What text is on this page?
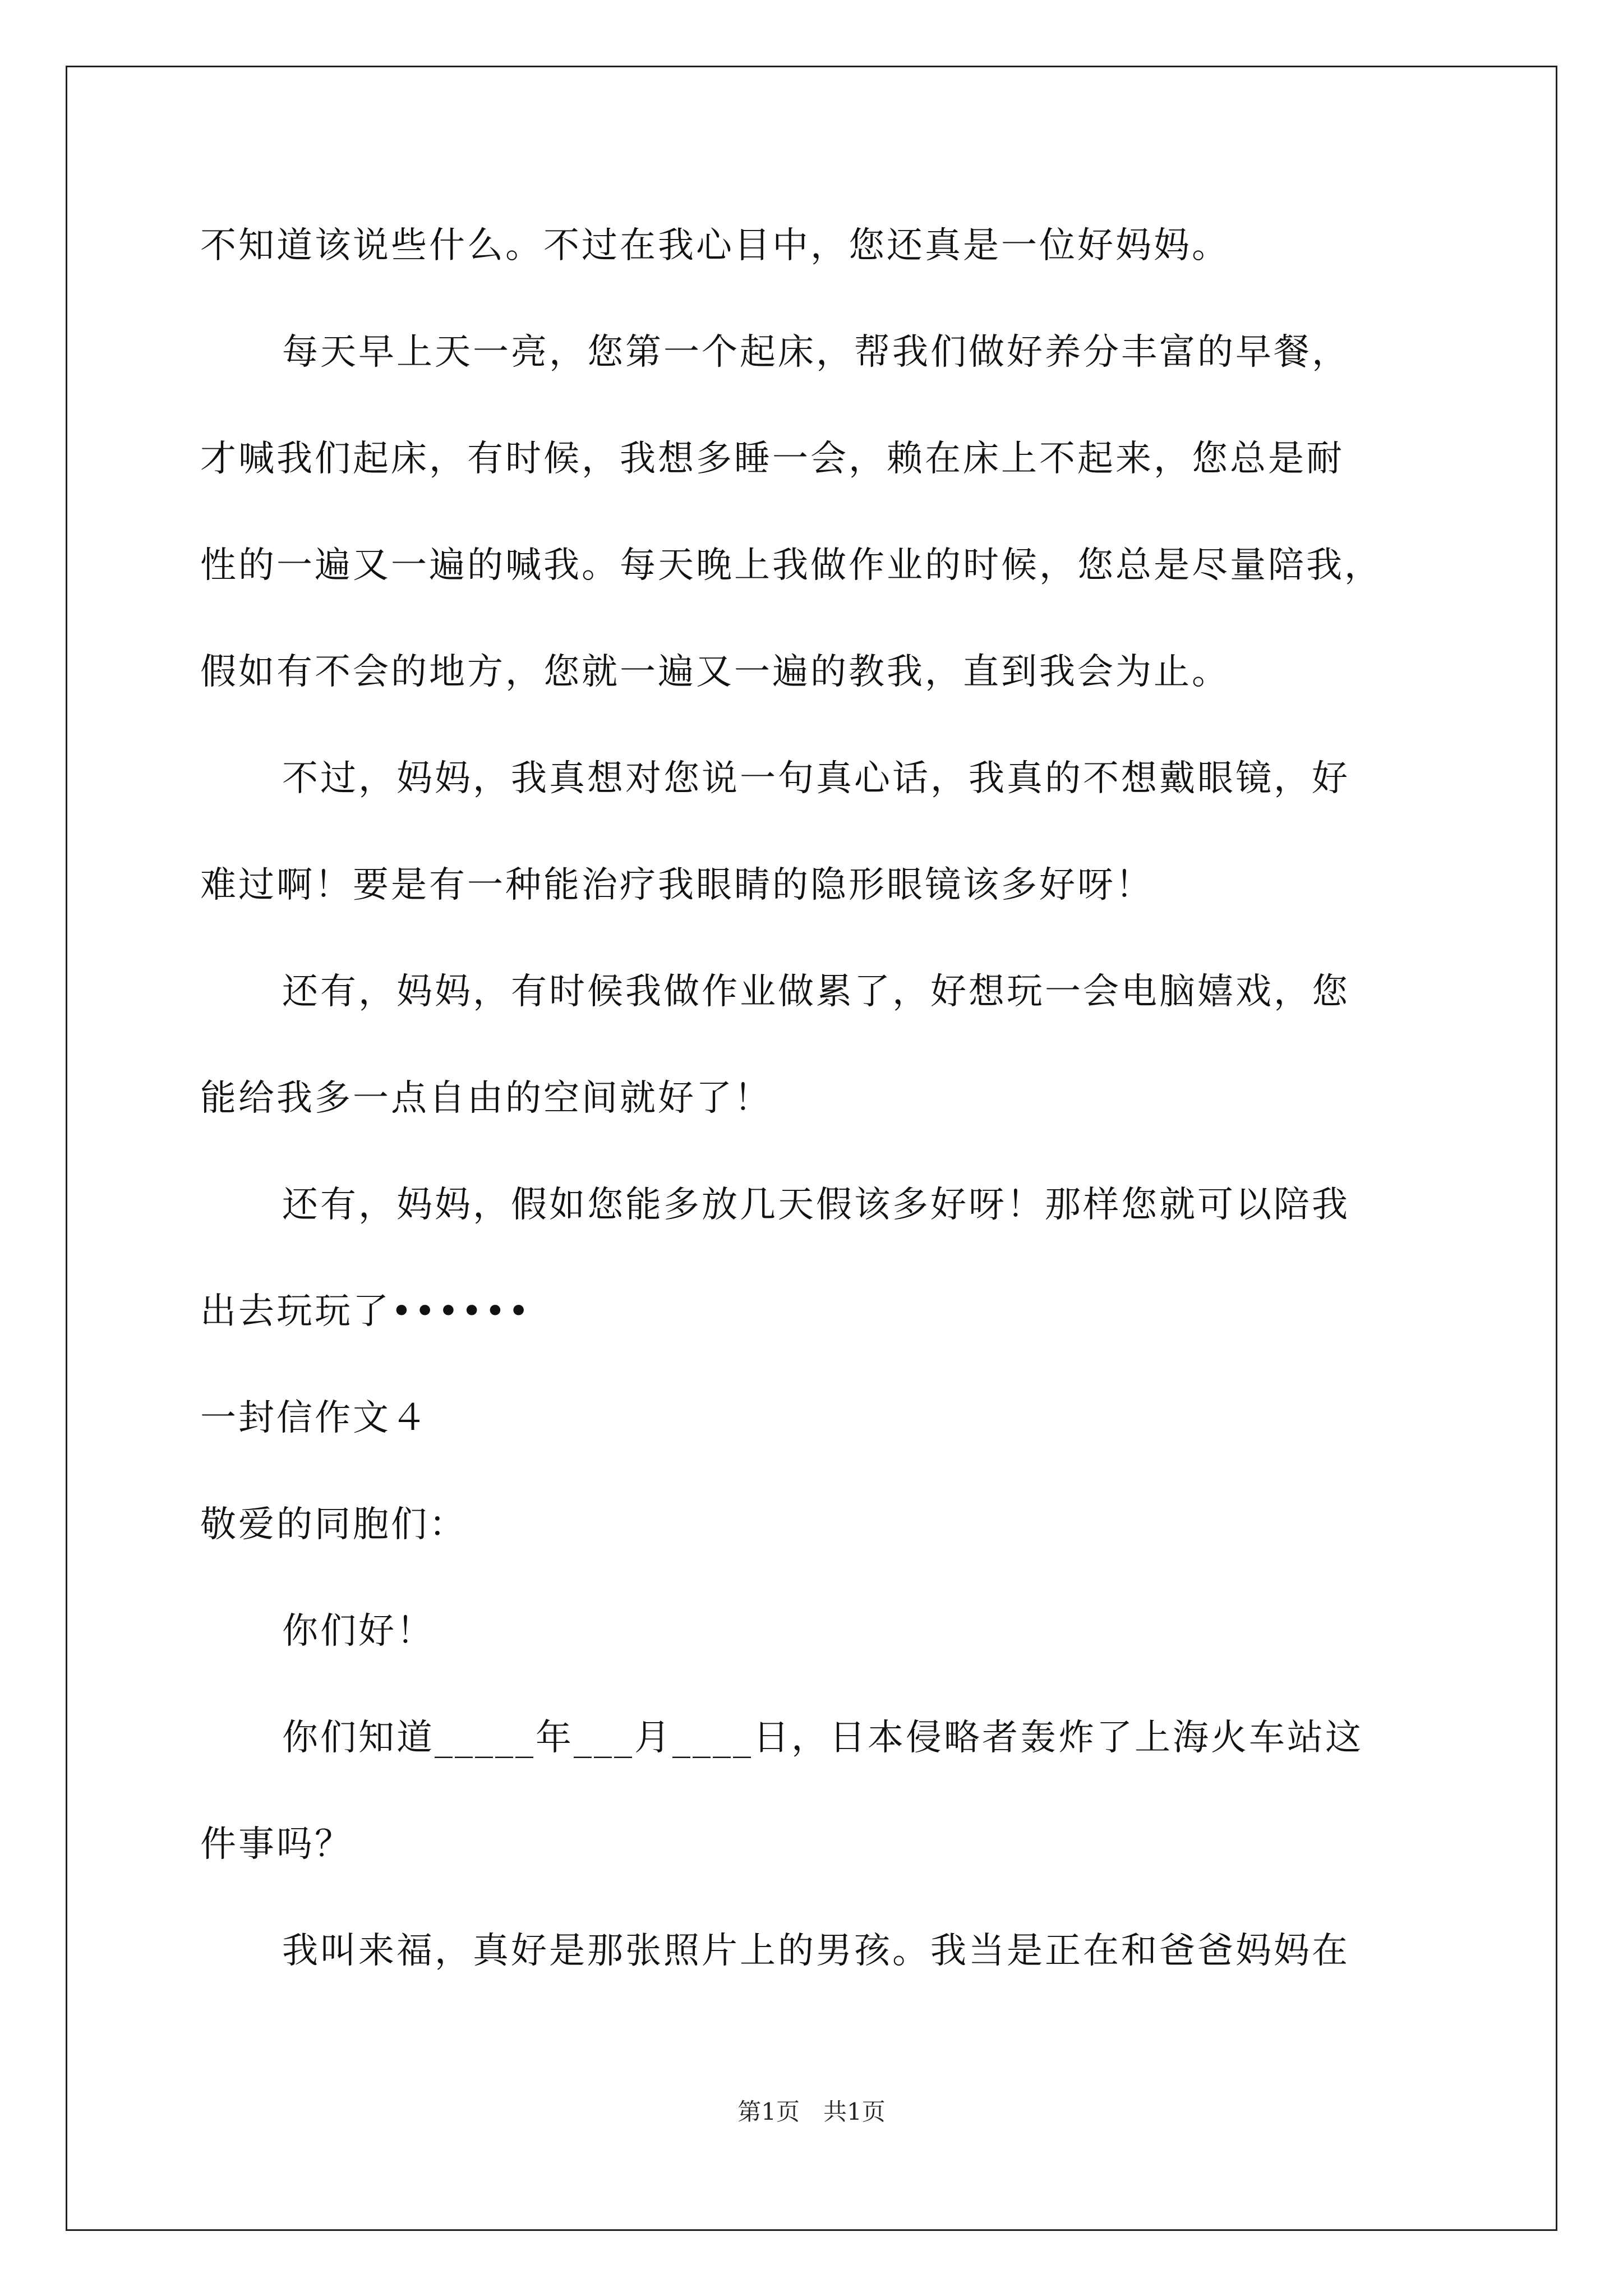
不知道该说些什么。不过在我心目中，您还真是一位好妈妈。
每天早上天一亮，您第一个起床，帮我们做好养分丰富的早餐，
才喊我们起床，有时候，我想多睡一会，赖在床上不起来，您总是耐
性的一遍又一遍的喊我。每天晚上我做作业的时候，您总是尽量陪我，
假如有不会的地方，您就一遍又一遍的教我，直到我会为止。
不过，妈妈，我真想对您说一句真心话，我真的不想戴眼镜，好
难过啊！要是有一种能治疗我眼睛的隐形眼镜该多好呀！
还有，妈妈，有时候我做作业做累了，好想玩一会电脑嬉戏，您
能给我多一点自由的空间就好了！
还有，妈妈，假如您能多放几天假该多好呀！那样您就可以陪我
出去玩玩了••••••
一封信作文４
敬爱的同胞们：
你们好！
你们知道_____年___月____日，日本侵略者轰炸了上海火车站这
件事吗？
我叫来福，真好是那张照片上的男孩。我当是正在和爸爸妈妈在
第1页　共1页
